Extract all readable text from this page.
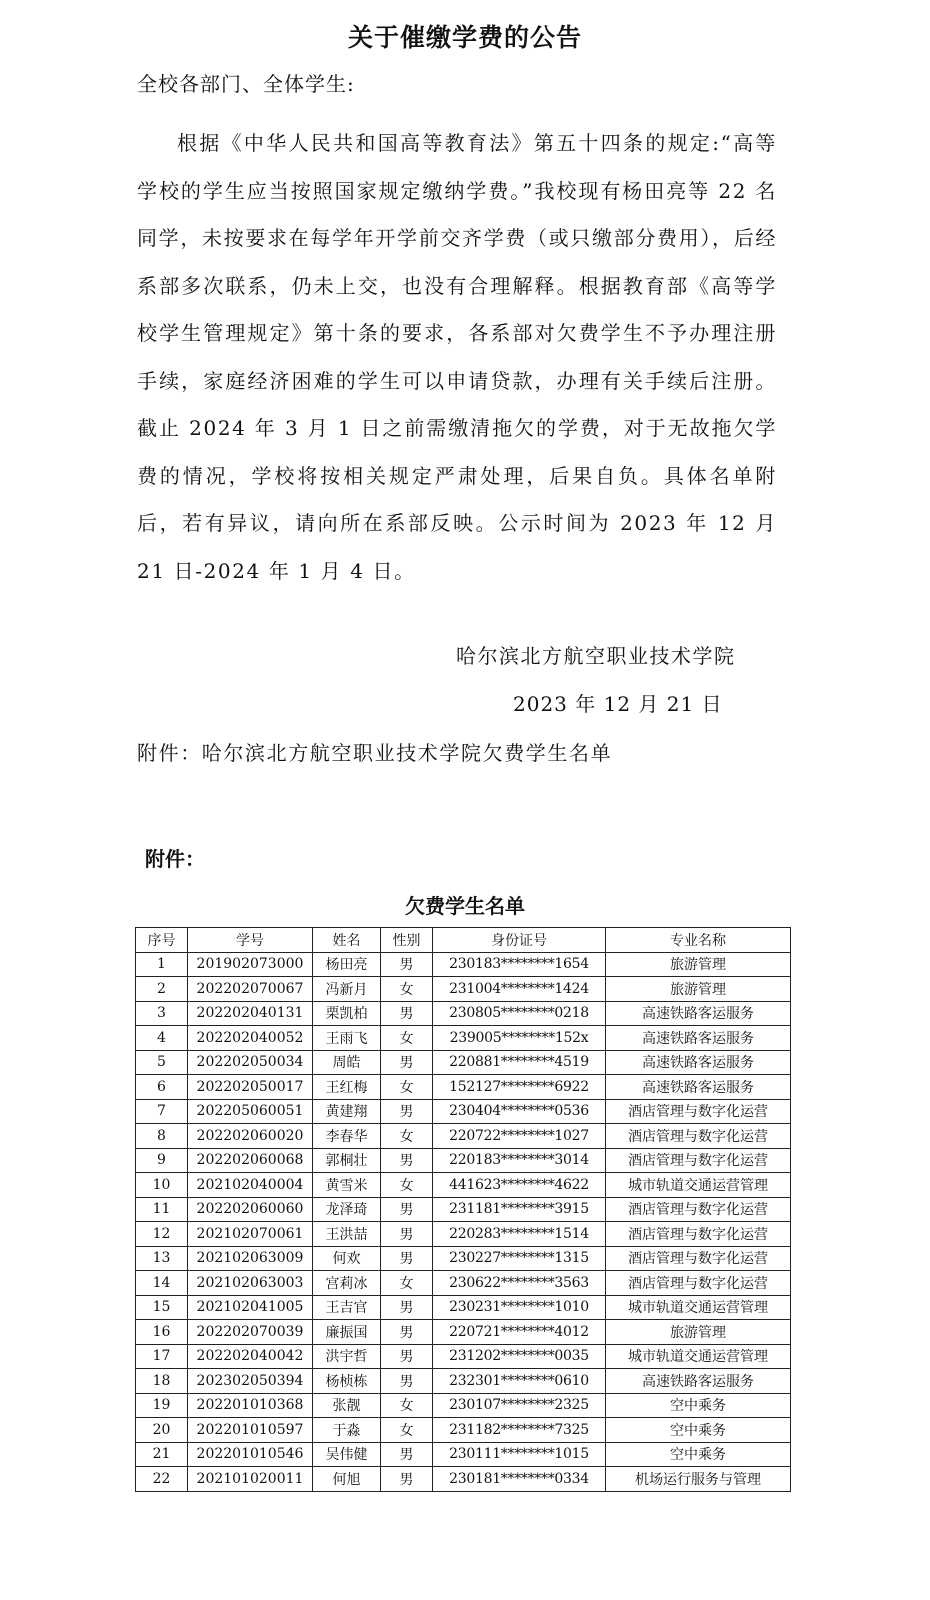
关于催缴学费的公告
全校各部门、全体学生:

根据《中华人民共和国高等教育法》第五十四条的规定:“高等学校的学生应当按照国家规定缴纳学费。”我校现有杨田亮等 22 名同学，未按要求在每学年开学前交齐学费（或只缴部分费用），后经系部多次联系，仍未上交，也没有合理解释。根据教育部《高等学校学生管理规定》第十条的要求，各系部对欠费学生不予办理注册手续，家庭经济困难的学生可以申请贷款，办理有关手续后注册。截止 2024 年 3 月 1 日之前需缴清拖欠的学费，对于无故拖欠学费的情况，学校将按相关规定严肃处理，后果自负。具体名单附后，若有异议，请向所在系部反映。公示时间为 2023 年 12 月 21 日-2024 年 1 月 4 日。

哈尔滨北方航空职业技术学院
2023 年 12 月 21 日
附件：哈尔滨北方航空职业技术学院欠费学生名单
附件：
欠费学生名单
序号	学号	姓名	性别	身份证号	专业名称
1	201902073000	杨田亮	男	230183********1654	旅游管理
2	202202070067	冯新月	女	231004********1424	旅游管理
3	202202040131	栗凯柏	男	230805********0218	高速铁路客运服务
4	202202040052	王雨飞	女	239005********152x	高速铁路客运服务
5	202202050034	周皓	男	220881********4519	高速铁路客运服务
6	202202050017	王红梅	女	152127********6922	高速铁路客运服务
7	202205060051	黄建翔	男	230404********0536	酒店管理与数字化运营
8	202202060020	李春华	女	220722********1027	酒店管理与数字化运营
9	202202060068	郭桐壮	男	220183********3014	酒店管理与数字化运营
10	202102040004	黄雪米	女	441623********4622	城市轨道交通运营管理
11	202202060060	龙泽琦	男	231181********3915	酒店管理与数字化运营
12	202102070061	王洪喆	男	220283********1514	酒店管理与数字化运营
13	202102063009	何欢	男	230227********1315	酒店管理与数字化运营
14	202102063003	宫莉冰	女	230622********3563	酒店管理与数字化运营
15	202102041005	王吉官	男	230231********1010	城市轨道交通运营管理
16	202202070039	廉振国	男	220721********4012	旅游管理
17	202202040042	洪宇哲	男	231202********0035	城市轨道交通运营管理
18	202302050394	杨桢栋	男	232301********0610	高速铁路客运服务
19	202201010368	张靓	女	230107********2325	空中乘务
20	202201010597	于淼	女	231182********7325	空中乘务
21	202201010546	吴伟健	男	230111********1015	空中乘务
22	202101020011	何旭	男	230181********0334	机场运行服务与管理
